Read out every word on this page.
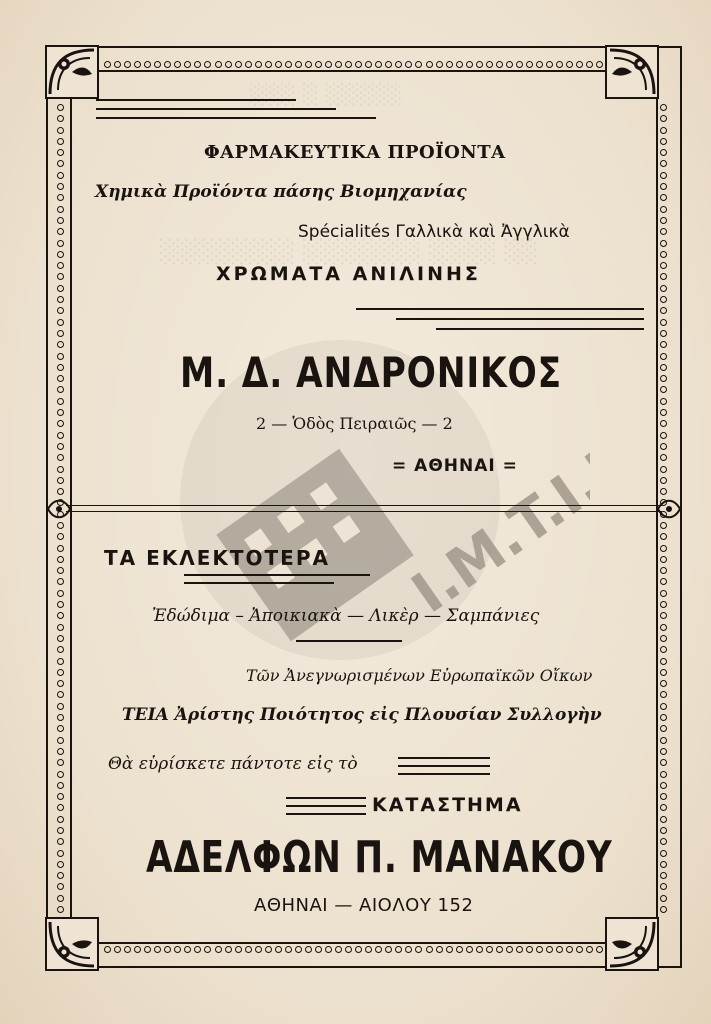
░░░ ░ ░░░░░
░░░░░░░░ ░░░░░░░ ░░░░ ░░
I.M.T.I.E.
ΦΑΡΜΑΚΕΥΤΙΚΑ ΠΡΟΪΟΝΤΑ
Χημικὰ Προϊόντα πάσης Βιομηχανίας
Spécialités Γαλλικὰ καὶ Ἀγγλικὰ
ΧΡΩΜΑΤΑ ΑΝΙΛΙΝΗΣ
Μ. Δ. ΑΝΔΡΟΝΙΚΟΣ
2 — Ὁδὸς Πειραιῶς — 2
= ΑΘΗΝΑΙ =
ΤΑ ΕΚΛΕΚΤΟΤΕΡΑ
Ἐδώδιμα – Ἀποικιακὰ — Λικὲρ — Σαμπάνιες
Τῶν Ἀνεγνωρισμένων Εὐρωπαϊκῶν Οἴκων
ΤΕΙΑ Ἀρίστης Ποιότητος εἰς Πλουσίαν Συλλογὴν
Θὰ εὑρίσκετε πάντοτε εἰς τὸ
ΚΑΤΑΣΤΗΜΑ
ΑΔΕΛΦΩΝ Π. ΜΑΝΑΚΟΥ
ΑΘΗΝΑΙ — ΑΙΟΛΟΥ 152
